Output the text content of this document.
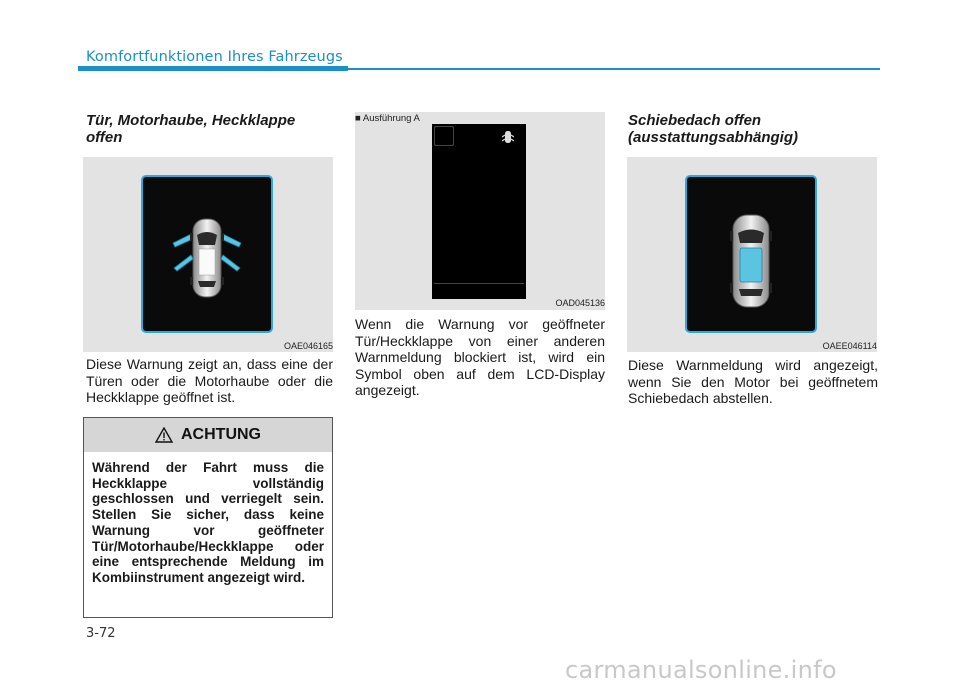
Komfortfunktionen Ihres Fahrzeugs
Tür, Motorhaube, Heckklappe offen
OAE046165
Diese Warnung zeigt an, dass eine der Türen oder die Motorhaube oder die Heckklappe geöffnet ist.
ACHTUNG
Während der Fahrt muss die Heckklappe vollständig geschlossen und verriegelt sein. Stellen Sie sicher, dass keine Warnung vor geöffneter Tür/Motorhaube/Heckklappe oder eine entsprechende Meldung im Kombiinstrument angezeigt wird.
■ Ausführung A
OAD045136
Wenn die Warnung vor geöffneter Tür/Heckklappe von einer anderen Warnmeldung blockiert ist, wird ein Symbol oben auf dem LCD-Display angezeigt.
Schiebedach offen (ausstattungsabhängig)
OAEE046114
Diese Warnmeldung wird angezeigt, wenn Sie den Motor bei geöffnetem Schiebedach abstellen.
3-72
carmanualsonline.info
